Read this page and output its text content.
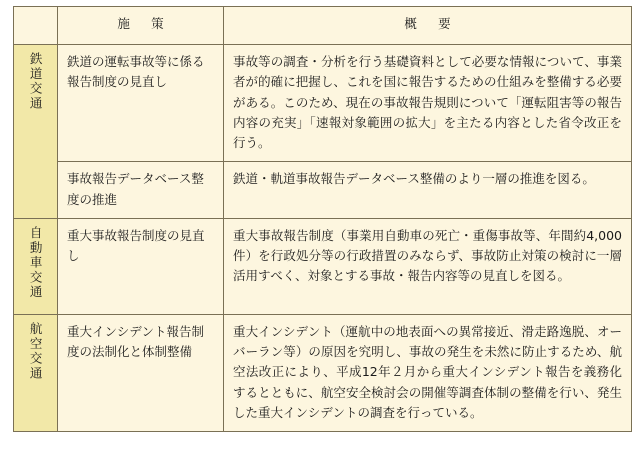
	施　策	概　要
鉄道交通	鉄道の運転事故等に係る報告制度の見直し	事故等の調査・分析を行う基礎資料として必要な情報について、事業者が的確に把握し、これを国に報告するための仕組みを整備する必要がある。このため、現在の事故報告規則について「運転阻害等の報告内容の充実」「速報対象範囲の拡大」を主たる内容とした省令改正を行う。
	事故報告データベース整度の推進	鉄道・軌道事故報告データベース整備のより一層の推進を図る。
自動車交通	重大事故報告制度の見直し	重大事故報告制度（事業用自動車の死亡・重傷事故等、年間約4,000件）を行政処分等の行政措置のみならず、事故防止対策の検討に一層活用すべく、対象とする事故・報告内容等の見直しを図る。
航空交通	重大インシデント報告制度の法制化と体制整備	重大インシデント（運航中の地表面への異常接近、滑走路逸脱、オーバーラン等）の原因を究明し、事故の発生を未然に防止するため、航空法改正により、平成12年２月から重大インシデント報告を義務化するとともに、航空安全検討会の開催等調査体制の整備を行い、発生した重大インシデントの調査を行っている。
